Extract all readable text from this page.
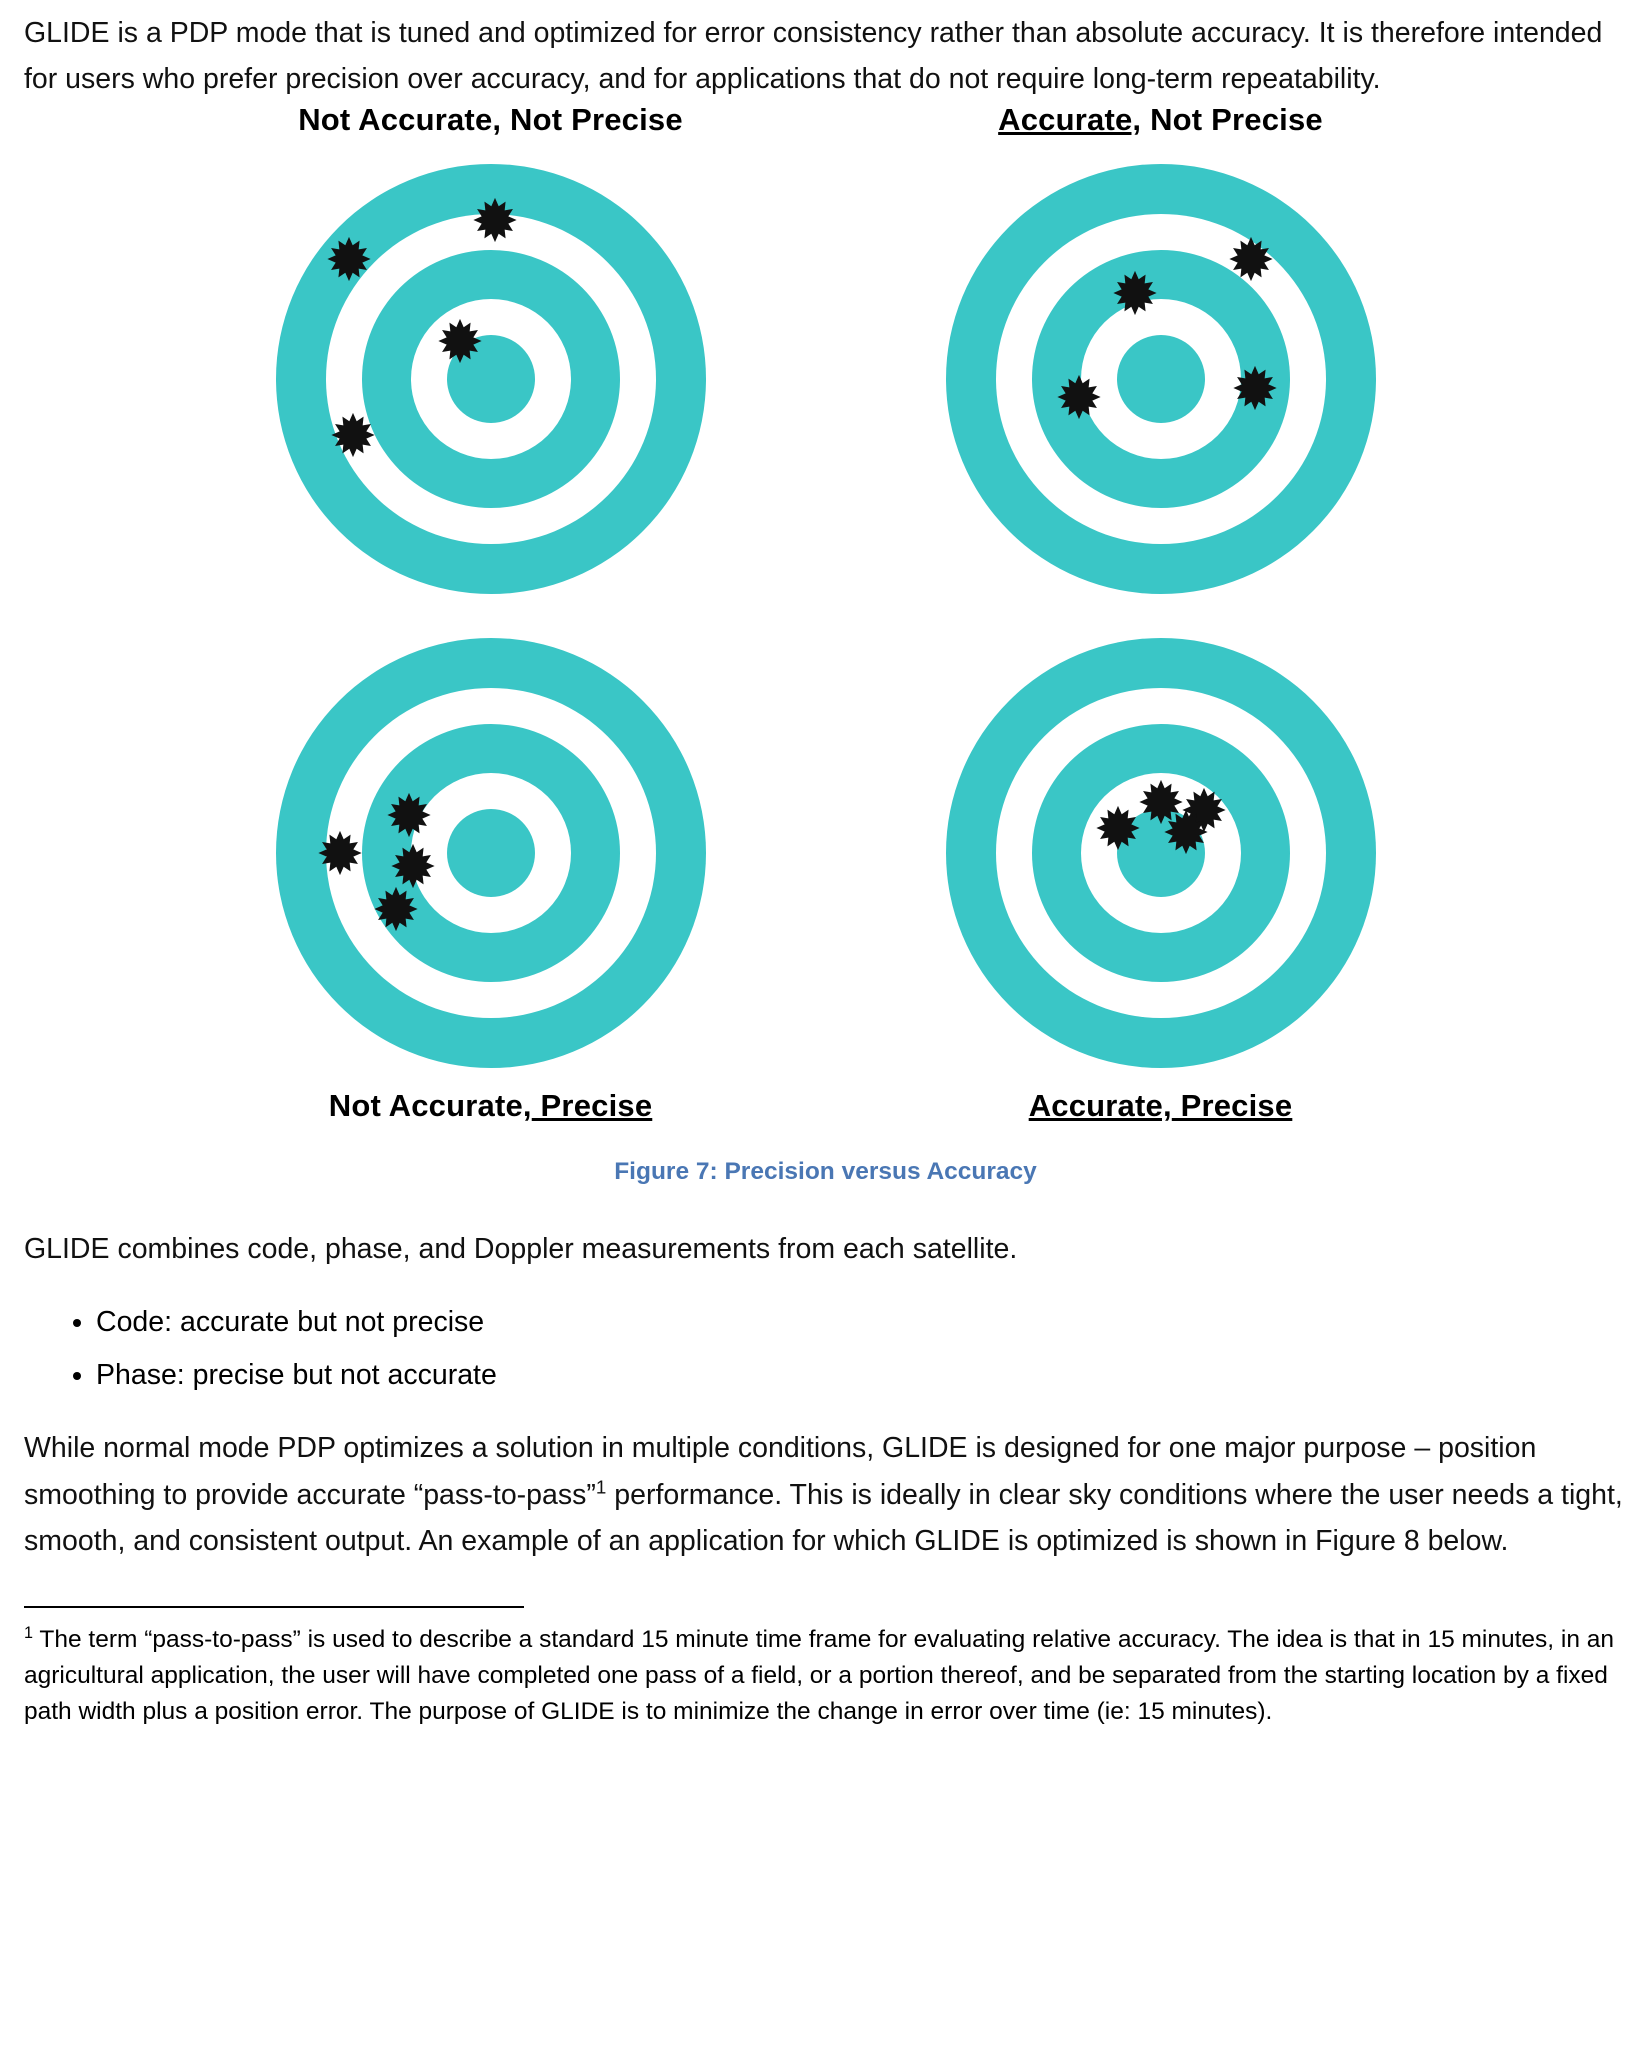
GLIDE is a PDP mode that is tuned and optimized for error consistency rather than absolute accuracy. It is therefore intended for users who prefer precision over accuracy, and for applications that do not require long-term repeatability.

Not Accurate, Not Precise	Accurate, Not Precise
Not Accurate, Precise	Accurate, Precise
Figure 7: Precision versus Accuracy

GLIDE combines code, phase, and Doppler measurements from each satellite.

• Code: accurate but not precise
• Phase: precise but not accurate

While normal mode PDP optimizes a solution in multiple conditions, GLIDE is designed for one major purpose – position smoothing to provide accurate “pass-to-pass”$^1$ performance. This is ideally in clear sky conditions where the user needs a tight, smooth, and consistent output. An example of an application for which GLIDE is optimized is shown in Figure 8 below.

$^1$ The term “pass-to-pass” is used to describe a standard 15 minute time frame for evaluating relative accuracy. The idea is that in 15 minutes, in an agricultural application, the user will have completed one pass of a field, or a portion thereof, and be separated from the starting location by a fixed path width plus a position error. The purpose of GLIDE is to minimize the change in error over time (ie: 15 minutes).
